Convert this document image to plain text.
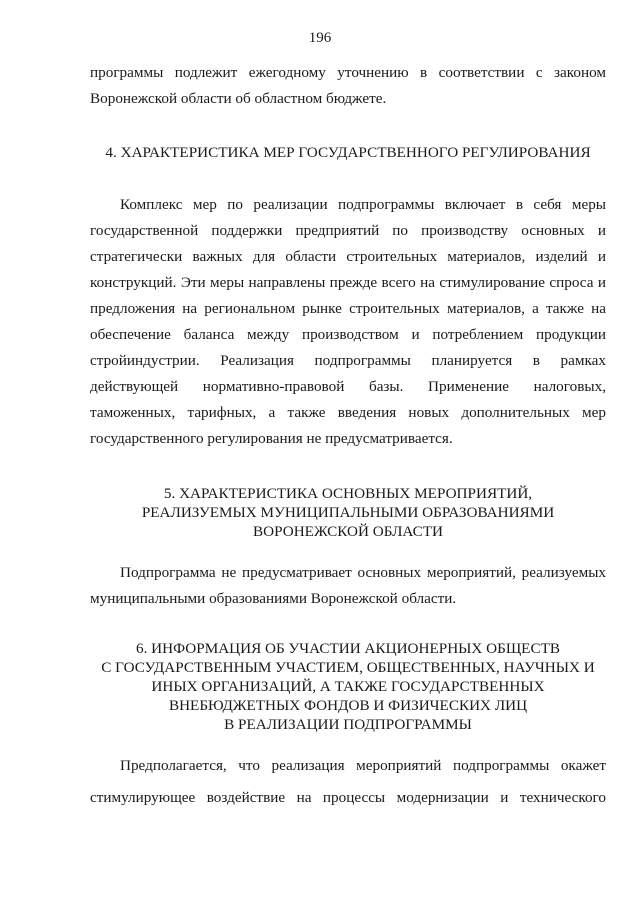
196
программы подлежит ежегодному уточнению в соответствии с законом
Воронежской области об областном бюджете.
4. ХАРАКТЕРИСТИКА МЕР ГОСУДАРСТВЕННОГО РЕГУЛИРОВАНИЯ
Комплекс мер по реализации подпрограммы включает в себя меры
государственной поддержки предприятий по производству основных и
стратегически важных для области строительных материалов, изделий и
конструкций. Эти меры направлены прежде всего на стимулирование спроса и
предложения на региональном рынке строительных материалов, а также на
обеспечение баланса между производством и потреблением продукции
стройиндустрии. Реализация подпрограммы планируется в рамках
действующей нормативно-правовой базы. Применение налоговых,
таможенных, тарифных, а также введения новых дополнительных мер
государственного регулирования не предусматривается.
5. ХАРАКТЕРИСТИКА ОСНОВНЫХ МЕРОПРИЯТИЙ,
РЕАЛИЗУЕМЫХ МУНИЦИПАЛЬНЫМИ ОБРАЗОВАНИЯМИ
ВОРОНЕЖСКОЙ ОБЛАСТИ
Подпрограмма не предусматривает основных мероприятий, реализуемых
муниципальными образованиями Воронежской области.
6. ИНФОРМАЦИЯ ОБ УЧАСТИИ АКЦИОНЕРНЫХ ОБЩЕСТВ
С ГОСУДАРСТВЕННЫМ УЧАСТИЕМ, ОБЩЕСТВЕННЫХ, НАУЧНЫХ И
ИНЫХ ОРГАНИЗАЦИЙ, А ТАКЖЕ ГОСУДАРСТВЕННЫХ
ВНЕБЮДЖЕТНЫХ ФОНДОВ И ФИЗИЧЕСКИХ ЛИЦ
В РЕАЛИЗАЦИИ ПОДПРОГРАММЫ
Предполагается, что реализация мероприятий подпрограммы окажет
стимулирующее воздействие на процессы модернизации и технического
